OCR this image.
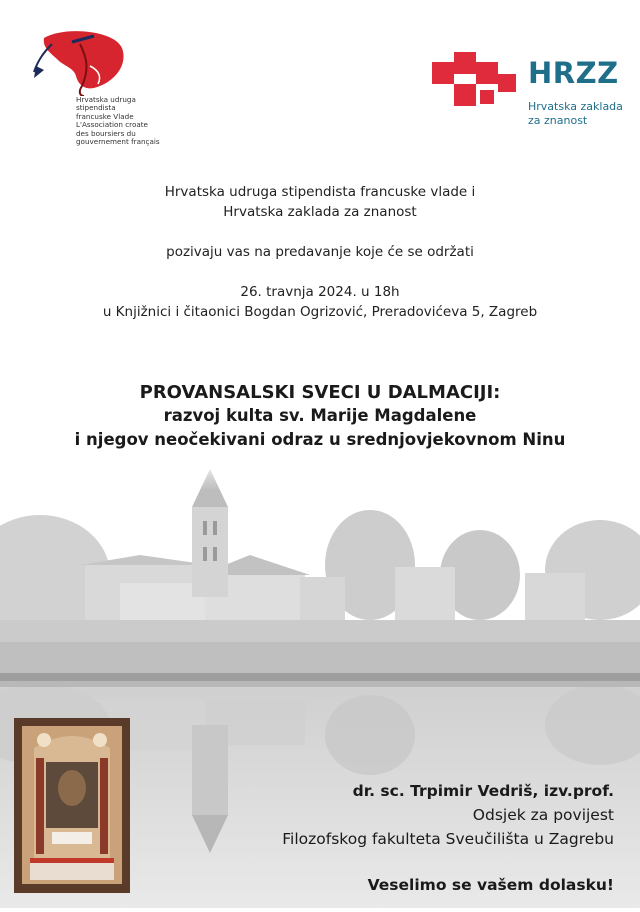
Hrvatska udruga
stipendista
francuske Vlade
L'Association croate
des boursiers du
gouvernement français
HRZZ
Hrvatska zaklada
za znanost
Hrvatska udruga stipendista francuske vlade i
Hrvatska zaklada za znanost
pozivaju vas na predavanje koje će se održati
26. travnja 2024. u 18h
u Knjižnici i čitaonici Bogdan Ogrizović, Preradovićeva 5, Zagreb
PROVANSALSKI SVECI U DALMACIJI:
razvoj kulta sv. Marije Magdalene
i njegov neočekivani odraz u srednjovjekovnom Ninu
dr. sc. Trpimir Vedriš, izv.prof.
Odsjek za povijest
Filozofskog fakulteta Sveučilišta u Zagrebu
Veselimo se vašem dolasku!
